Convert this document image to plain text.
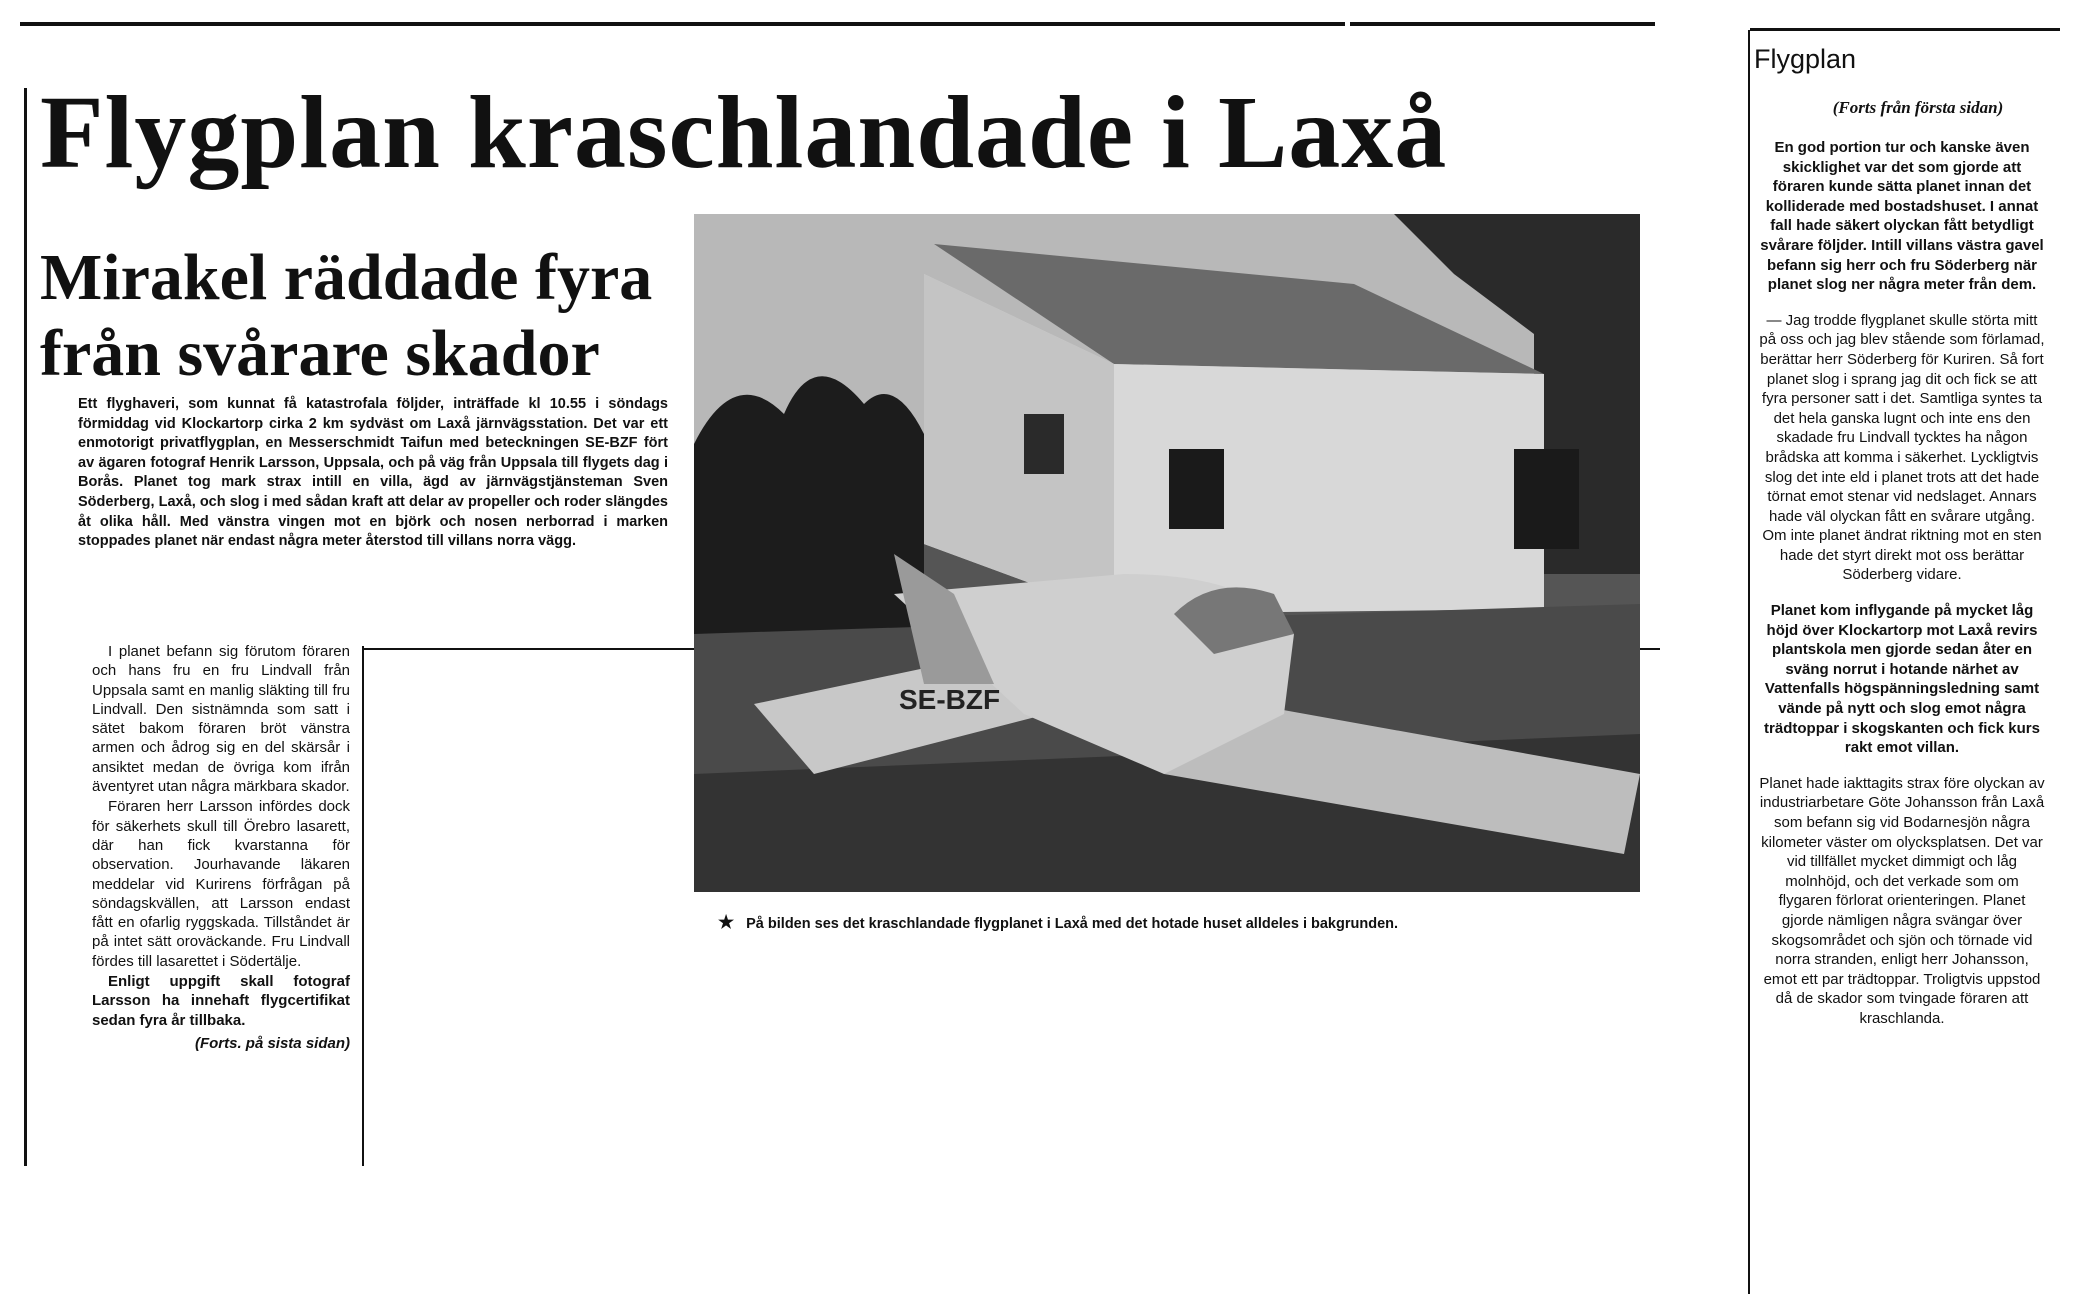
Flygplan kraschlandade i Laxå
Mirakel räddade fyra
från svårare skador

Ett flyghaveri, som kunnat få katastrofala följder, inträffade kl 10.55 i söndags förmiddag vid Klockartorp cirka 2 km sydväst om Laxå järnvägsstation. Det var ett enmotorigt privatflygplan, en Messerschmidt Taifun med beteckningen SE-BZF fört av ägaren fotograf Henrik Larsson, Uppsala, och på väg från Uppsala till flygets dag i Borås. Planet tog mark strax intill en villa, ägd av järnvägstjänsteman Sven Söderberg, Laxå, och slog i med sådan kraft att delar av propeller och roder slängdes åt olika håll. Med vänstra vingen mot en björk och nosen nerborrad i marken stoppades planet när endast några meter återstod till villans norra vägg.

I planet befann sig förutom föraren och hans fru en fru Lindvall från Uppsala samt en manlig släkting till fru Lindvall. Den sistnämnda som satt i sätet bakom föraren bröt vänstra armen och ådrog sig en del skärsår i ansiktet medan de övriga kom ifrån äventyret utan några märkbara skador.

Föraren herr Larsson infördes dock för säkerhets skull till Örebro lasarett, där han fick kvarstanna för observation. Jourhavande läkaren meddelar vid Kurirens förfrågan på söndagskvällen, att Larsson endast fått en ofarlig ryggskada. Tillståndet är på intet sätt oroväckande. Fru Lindvall fördes till lasarettet i Södertälje.

Enligt uppgift skall fotograf Larsson ha innehaft flygcertifikat sedan fyra år tillbaka.

(Forts. på sista sidan)
SE-BZF

★ På bilden ses det kraschlandade flygplanet i Laxå med det hotade huset alldeles i bakgrunden.

Flygplan

(Forts från första sidan)

En god portion tur och kanske även skicklighet var det som gjorde att föraren kunde sätta planet innan det kolliderade med bostadshuset. I annat fall hade säkert olyckan fått betydligt svårare följder. Intill villans västra gavel befann sig herr och fru Söderberg när planet slog ner några meter från dem.

— Jag trodde flygplanet skulle störta mitt på oss och jag blev stående som förlamad, berättar herr Söderberg för Kuriren. Så fort planet slog i sprang jag dit och fick se att fyra personer satt i det. Samtliga syntes ta det hela ganska lugnt och inte ens den skadade fru Lindvall tycktes ha någon brådska att komma i säkerhet. Lyckligtvis slog det inte eld i planet trots att det hade törnat emot stenar vid nedslaget. Annars hade väl olyckan fått en svårare utgång. Om inte planet ändrat riktning mot en sten hade det styrt direkt mot oss berättar Söderberg vidare.

Planet kom inflygande på mycket låg höjd över Klockartorp mot Laxå revirs plantskola men gjorde sedan åter en sväng norrut i hotande närhet av Vattenfalls högspänningsledning samt vände på nytt och slog emot några trädtoppar i skogskanten och fick kurs rakt emot villan.

Planet hade iakttagits strax före olyckan av industriarbetare Göte Johansson från Laxå som befann sig vid Bodarnesjön några kilometer väster om olycksplatsen. Det var vid tillfället mycket dimmigt och låg molnhöjd, och det verkade som om flygaren förlorat orienteringen. Planet gjorde nämligen några svängar över skogsområdet och sjön och törnade vid norra stranden, enligt herr Johansson, emot ett par trädtoppar. Troligtvis uppstod då de skador som tvingade föraren att kraschlanda.
